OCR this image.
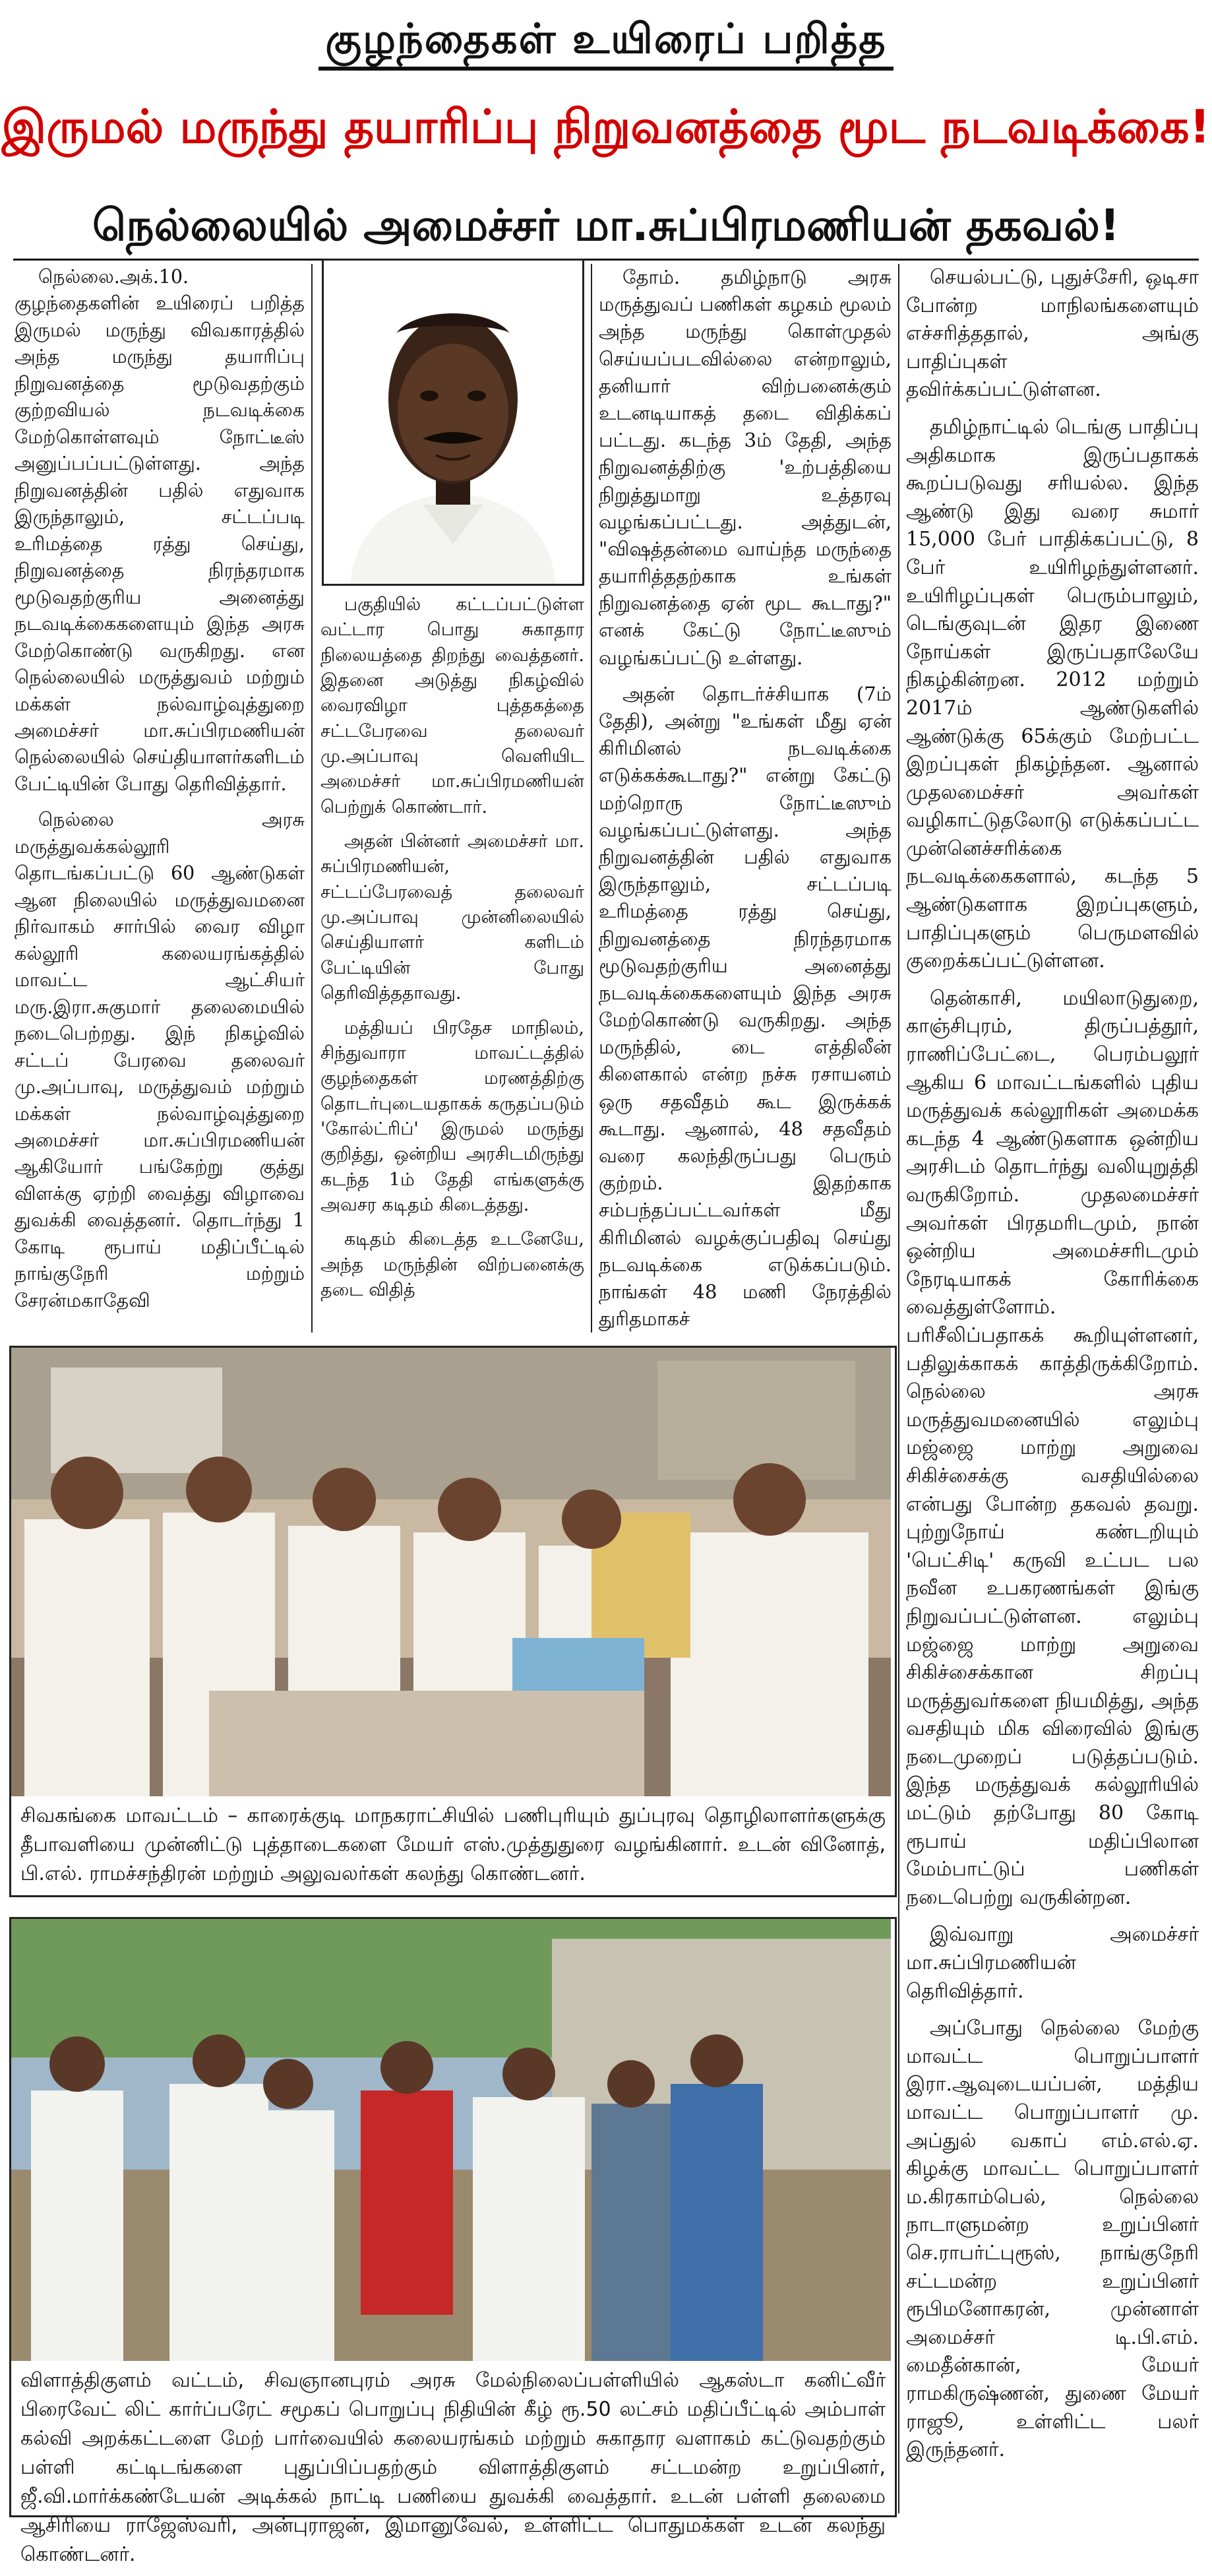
குழந்தைகள் உயிரைப் பறித்த
இருமல் மருந்து தயாரிப்பு நிறுவனத்தை மூட நடவடிக்கை!
நெல்லையில் அமைச்சர் மா.சுப்பிரமணியன் தகவல்!

நெல்லை.அக்.10. குழந்தைகளின் உயிரைப் பறித்த இருமல் மருந்து விவகாரத்தில் அந்த மருந்து தயாரிப்பு நிறுவனத்தை மூடுவதற்கும் குற்றவியல் நடவடிக்கை மேற்கொள்ளவும் நோட்டீஸ் அனுப்பப்பட்டுள்ளது. அந்த நிறுவனத்தின் பதில் எதுவாக இருந்தாலும், சட்டப்படி உரிமத்தை ரத்து செய்து, நிறுவனத்தை நிரந்தரமாக மூடுவதற்குரிய அனைத்து நடவடிக்கைகளையும் இந்த அரசு மேற்கொண்டு வருகிறது. என நெல்லையில் மருத்துவம் மற்றும் மக்கள் நல்வாழ்வுத்துறை அமைச்சர் மா.சுப்பிரமணியன் நெல்லையில் செய்தியாளர்களிடம் பேட்டியின் போது தெரிவித்தார்.

நெல்லை அரசு மருத்துவக்கல்லூரி தொடங்கப்பட்டு 60 ஆண்டுகள் ஆன நிலையில் மருத்துவமனை நிர்வாகம் சார்பில் வைர விழா கல்லூரி கலையரங்கத்தில் மாவட்ட ஆட்சியர் மரு.இரா.சுகுமார் தலைமையில் நடைபெற்றது. இந் நிகழ்வில் சட்டப் பேரவை தலைவர் மு.அப்பாவு, மருத்துவம் மற்றும் மக்கள் நல்வாழ்வுத்துறை அமைச்சர் மா.சுப்பிரமணியன் ஆகியோர் பங்கேற்று குத்து விளக்கு ஏற்றி வைத்து விழாவை துவக்கி வைத்தனர். தொடர்ந்து 1 கோடி ரூபாய் மதிப்பீட்டில் நாங்குநேரி மற்றும் சேரன்மகாதேவி

பகுதியில் கட்டப்பட்டுள்ள வட்டார பொது சுகாதார நிலையத்தை திறந்து வைத்தனர். இதனை அடுத்து நிகழ்வில் வைரவிழா புத்தகத்தை சட்டபேரவை தலைவர் மு.அப்பாவு வெளியிட அமைச்சர் மா.சுப்பிரமணியன் பெற்றுக் கொண்டார்.

அதன் பின்னர் அமைச்சர் மா. சுப்பிரமணியன், சட்டப்பேரவைத் தலைவர் மு.அப்பாவு முன்னிலையில் செய்தியாளர் களிடம் பேட்டியின் போது தெரிவித்ததாவது.

மத்தியப் பிரதேச மாநிலம், சிந்துவாரா மாவட்டத்தில் குழந்தைகள் மரணத்திற்கு தொடர்புடையதாகக் கருதப்படும் 'கோல்ட்ரிப்' இருமல் மருந்து குறித்து, ஒன்றிய அரசிடமிருந்து கடந்த 1ம் தேதி எங்களுக்கு அவசர கடிதம் கிடைத்தது.

கடிதம் கிடைத்த உடனேயே, அந்த மருந்தின் விற்பனைக்கு தடை விதித்

தோம். தமிழ்நாடு அரசு மருத்துவப் பணிகள் கழகம் மூலம் அந்த மருந்து கொள்முதல் செய்யப்படவில்லை என்றாலும், தனியார் விற்பனைக்கும் உடனடியாகத் தடை விதிக்கப் பட்டது. கடந்த 3ம் தேதி, அந்த நிறுவனத்திற்கு 'உற்பத்தியை நிறுத்துமாறு உத்தரவு வழங்கப்பட்டது. அத்துடன், "விஷத்தன்மை வாய்ந்த மருந்தை தயாரித்ததற்காக உங்கள் நிறுவனத்தை ஏன் மூட கூடாது?" எனக் கேட்டு நோட்டீஸும் வழங்கப்பட்டு உள்ளது.

அதன் தொடர்ச்சியாக (7ம் தேதி), அன்று "உங்கள் மீது ஏன் கிரிமினல் நடவடிக்கை எடுக்கக்கூடாது?" என்று கேட்டு மற்றொரு நோட்டீஸும் வழங்கப்பட்டுள்ளது. அந்த நிறுவனத்தின் பதில் எதுவாக இருந்தாலும், சட்டப்படி உரிமத்தை ரத்து செய்து, நிறுவனத்தை நிரந்தரமாக மூடுவதற்குரிய அனைத்து நடவடிக்கைகளையும் இந்த அரசு மேற்கொண்டு வருகிறது. அந்த மருந்தில், டை எத்திலீன் கிளைகால் என்ற நச்சு ரசாயனம் ஒரு சதவீதம் கூட இருக்கக் கூடாது. ஆனால், 48 சதவீதம் வரை கலந்திருப்பது பெரும் குற்றம். இதற்காக சம்பந்தப்பட்டவர்கள் மீது கிரிமினல் வழக்குப்பதிவு செய்து நடவடிக்கை எடுக்கப்படும். நாங்கள் 48 மணி நேரத்தில் துரிதமாகச்

செயல்பட்டு, புதுச்சேரி, ஒடிசா போன்ற மாநிலங்களையும் எச்சரித்ததால், அங்கு பாதிப்புகள் தவிர்க்கப்பட்டுள்ளன.

தமிழ்நாட்டில் டெங்கு பாதிப்பு அதிகமாக இருப்பதாகக் கூறப்படுவது சரியல்ல. இந்த ஆண்டு இது வரை சுமார் 15,000 பேர் பாதிக்கப்பட்டு, 8 பேர் உயிரிழந்துள்ளனர். உயிரிழப்புகள் பெரும்பாலும், டெங்குவுடன் இதர இணை நோய்கள் இருப்பதாலேயே நிகழ்கின்றன. 2012 மற்றும் 2017ம் ஆண்டுகளில் ஆண்டுக்கு 65க்கும் மேற்பட்ட இறப்புகள் நிகழ்ந்தன. ஆனால் முதலமைச்சர் அவர்கள் வழிகாட்டுதலோடு எடுக்கப்பட்ட முன்னெச்சரிக்கை நடவடிக்கைகளால், கடந்த 5 ஆண்டுகளாக இறப்புகளும், பாதிப்புகளும் பெருமளவில் குறைக்கப்பட்டுள்ளன.

தென்காசி, மயிலாடுதுறை, காஞ்சிபுரம், திருப்பத்தூர், ராணிப்பேட்டை, பெரம்பலூர் ஆகிய 6 மாவட்டங்களில் புதிய மருத்துவக் கல்லூரிகள் அமைக்க கடந்த 4 ஆண்டுகளாக ஒன்றிய அரசிடம் தொடர்ந்து வலியுறுத்தி வருகிறோம். முதலமைச்சர் அவர்கள் பிரதமரிடமும், நான் ஒன்றிய அமைச்சரிடமும் நேரடியாகக் கோரிக்கை வைத்துள்ளோம். பரிசீலிப்பதாகக் கூறியுள்ளனர், பதிலுக்காகக் காத்திருக்கிறோம். நெல்லை அரசு மருத்துவமனையில் எலும்பு மஜ்ஜை மாற்று அறுவை சிகிச்சைக்கு வசதியில்லை என்பது போன்ற தகவல் தவறு. புற்றுநோய் கண்டறியும் 'பெட்சிடி' கருவி உட்பட பல நவீன உபகரணங்கள் இங்கு நிறுவப்பட்டுள்ளன. எலும்பு மஜ்ஜை மாற்று அறுவை சிகிச்சைக்கான சிறப்பு மருத்துவர்களை நியமித்து, அந்த வசதியும் மிக விரைவில் இங்கு நடைமுறைப் படுத்தப்படும். இந்த மருத்துவக் கல்லூரியில் மட்டும் தற்போது 80 கோடி ரூபாய் மதிப்பிலான மேம்பாட்டுப் பணிகள் நடைபெற்று வருகின்றன.

இவ்வாறு அமைச்சர் மா.சுப்பிரமணியன் தெரிவித்தார்.

அப்போது நெல்லை மேற்கு மாவட்ட பொறுப்பாளர் இரா.ஆவுடையப்பன், மத்திய மாவட்ட பொறுப்பாளர் மு. அப்துல் வகாப் எம்.எல்.ஏ. கிழக்கு மாவட்ட பொறுப்பாளர் ம.கிரகாம்பெல், நெல்லை நாடாளுமன்ற உறுப்பினர் செ.ராபர்ட்புரூஸ், நாங்குநேரி சட்டமன்ற உறுப்பினர் ரூபிமனோகரன், முன்னாள் அமைச்சர் டி.பி.எம். மைதீன்கான், மேயர் ராமகிருஷ்ணன், துணை மேயர் ராஜூ, உள்ளிட்ட பலர் இருந்தனர்.

சிவகங்கை மாவட்டம் – காரைக்குடி மாநகராட்சியில் பணிபுரியும் துப்புரவு தொழிலாளர்களுக்கு தீபாவளியை முன்னிட்டு புத்தாடைகளை மேயர் எஸ்.முத்துதுரை வழங்கினார். உடன் வினோத், பி.எல். ராமச்சந்திரன் மற்றும் அலுவலர்கள் கலந்து கொண்டனர்.
விளாத்திகுளம் வட்டம், சிவஞானபுரம் அரசு மேல்நிலைப்பள்ளியில் ஆகஸ்டா கனிட்வீர் பிரைவேட் லிட் கார்ப்பரேட் சமூகப் பொறுப்பு நிதியின் கீழ் ரூ.50 லட்சம் மதிப்பீட்டில் அம்பாள் கல்வி அறக்கட்டளை மேற் பார்வையில் கலையரங்கம் மற்றும் சுகாதார வளாகம் கட்டுவதற்கும் பள்ளி கட்டிடங்களை புதுப்பிப்பதற்கும் விளாத்திகுளம் சட்டமன்ற உறுப்பினர், ஜீ.வி.மார்க்கண்டேயன் அடிக்கல் நாட்டி பணியை துவக்கி வைத்தார். உடன் பள்ளி தலைமை ஆசிரியை ராஜேஸ்வரி, அன்புராஜன், இமானுவேல், உள்ளிட்ட பொதுமக்கள் உடன் கலந்து கொண்டனர்.
